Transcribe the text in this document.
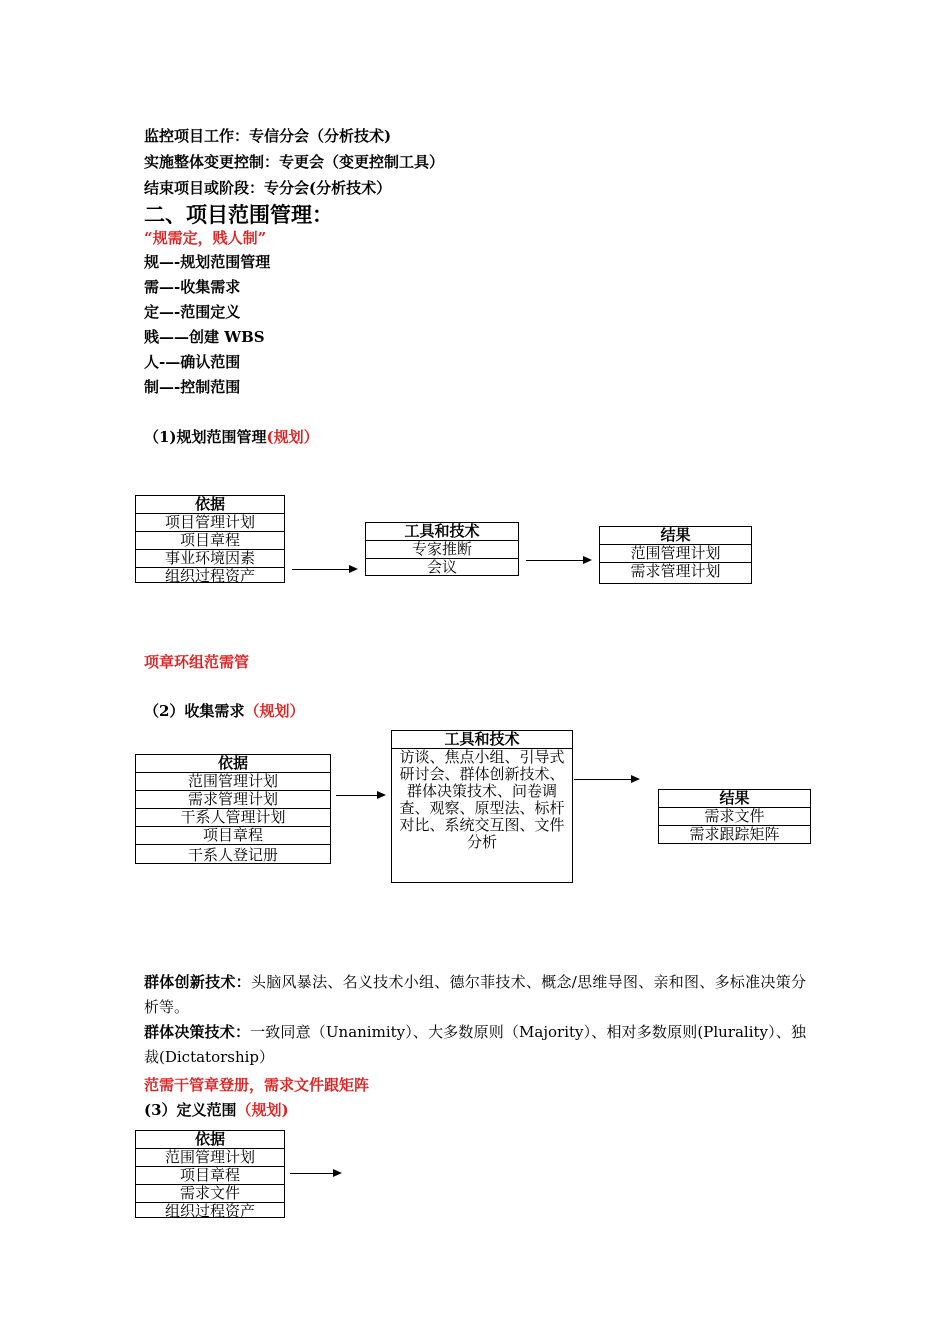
监控项目工作：专信分会（分析技术)
实施整体变更控制：专更会（变更控制工具）
结束项目或阶段：专分会(分析技术）
二、项目范围管理：
“规需定，贱人制”
规—-规划范围管理
需—-收集需求
定—-范围定义
贱——创建 WBS
人-—确认范围
制—-控制范围
（1)规划范围管理(规划）
依据
项目管理计划
项目章程
事业环境因素
组织过程资产
工具和技术
专家推断
会议
结果
范围管理计划
需求管理计划
项章环组范需管
（2）收集需求（规划）
依据
范围管理计划
需求管理计划
干系人管理计划
项目章程
干系人登记册
工具和技术
访谈、焦点小组、引导式研讨会、群体创新技术、群体决策技术、问卷调查、观察、原型法、标杆对比、系统交互图、文件分析
结果
需求文件
需求跟踪矩阵
群体创新技术：头脑风暴法、名义技术小组、德尔菲技术、概念/思维导图、亲和图、多标准决策分析等。
群体决策技术：一致同意（Unanimity）、大多数原则（Majority）、相对多数原则(Plurality）、独裁(Dictatorship）
范需干管章登册，需求文件跟矩阵
(3）定义范围（规划)
依据
范围管理计划
项目章程
需求文件
组织过程资产
